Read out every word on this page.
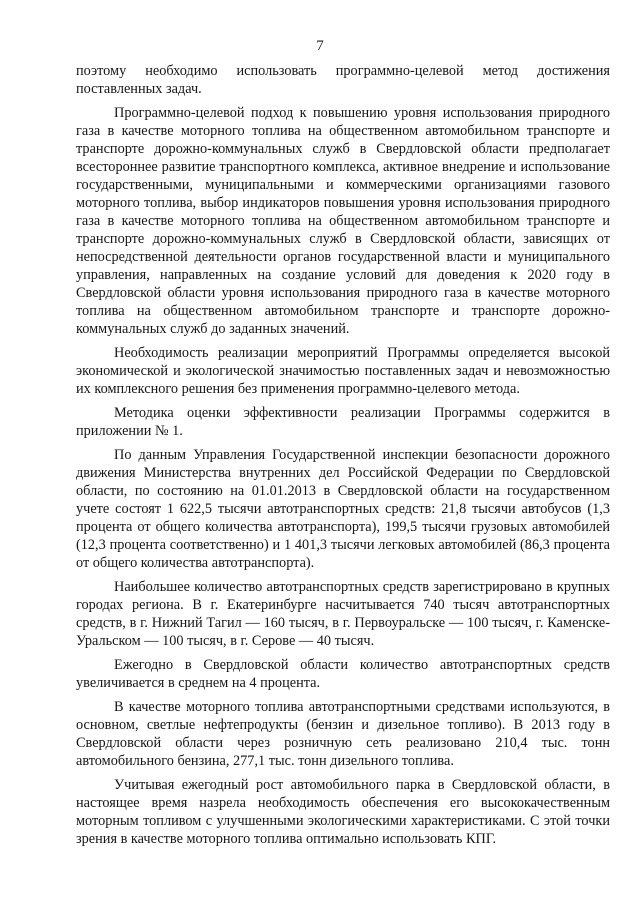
7

поэтому необходимо использовать программно-целевой метод достижения поставленных задач.

Программно-целевой подход к повышению уровня использования природного газа в качестве моторного топлива на общественном автомобильном транспорте и транспорте дорожно-коммунальных служб в Свердловской области предполагает всестороннее развитие транспортного комплекса, активное внедрение и использование государственными, муниципальными и коммерческими организациями газового моторного топлива, выбор индикаторов повышения уровня использования природного газа в качестве моторного топлива на общественном автомобильном транспорте и транспорте дорожно-коммунальных служб в Свердловской области, зависящих от непосредственной деятельности органов государственной власти и муниципального управления, направленных на создание условий для доведения к 2020 году в Свердловской области уровня использования природного газа в качестве моторного топлива на общественном автомобильном транспорте и транспорте дорожно-коммунальных служб до заданных значений.

Необходимость реализации мероприятий Программы определяется высокой экономической и экологической значимостью поставленных задач и невозможностью их комплексного решения без применения программно-целевого метода.

Методика оценки эффективности реализации Программы содержится в приложении № 1.

По данным Управления Государственной инспекции безопасности дорожного движения Министерства внутренних дел Российской Федерации по Свердловской области, по состоянию на 01.01.2013 в Свердловской области на государственном учете состоят 1 622,5 тысячи автотранспортных средств: 21,8 тысячи автобусов (1,3 процента от общего количества автотранспорта), 199,5 тысячи грузовых автомобилей (12,3 процента соответственно) и 1 401,3 тысячи легковых автомобилей (86,3 процента от общего количества автотранспорта).

Наибольшее количество автотранспортных средств зарегистрировано в крупных городах региона. В г. Екатеринбурге насчитывается 740 тысяч автотранспортных средств, в г. Нижний Тагил — 160 тысяч, в г. Первоуральске — 100 тысяч, г. Каменске-Уральском — 100 тысяч, в г. Серове — 40 тысяч.

Ежегодно в Свердловской области количество автотранспортных средств увеличивается в среднем на 4 процента.

В качестве моторного топлива автотранспортными средствами используются, в основном, светлые нефтепродукты (бензин и дизельное топливо). В 2013 году в Свердловской области через розничную сеть реализовано 210,4 тыс. тонн автомобильного бензина, 277,1 тыс. тонн дизельного топлива.

Учитывая ежегодный рост автомобильного парка в Свердловской области, в настоящее время назрела необходимость обеспечения его высококачественным моторным топливом с улучшенными экологическими характеристиками. С этой точки зрения в качестве моторного топлива оптимально использовать КПГ.
